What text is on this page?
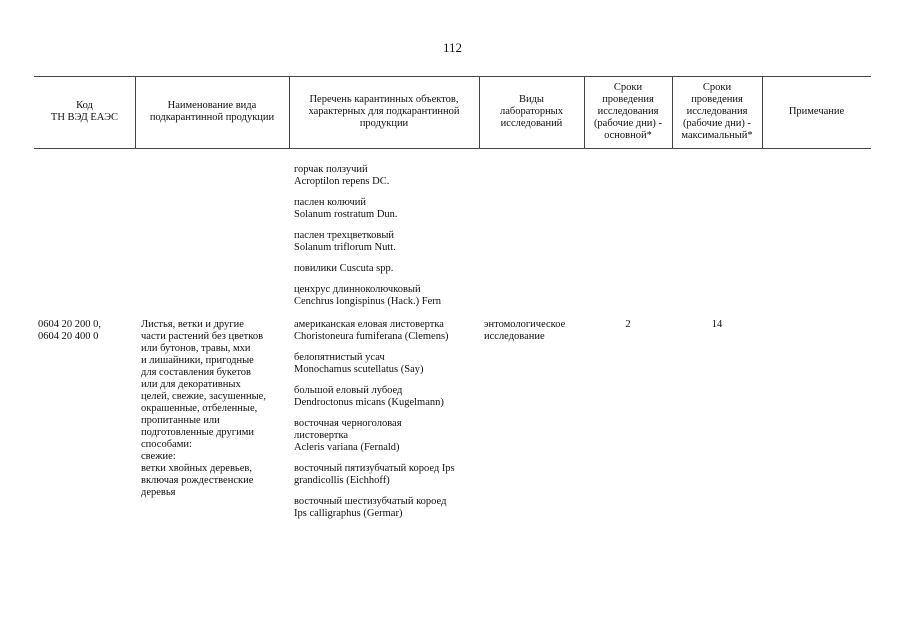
112
Код
ТН ВЭД ЕАЭС
Наименование вида
подкарантинной продукции
Перечень карантинных объектов,
характерных для подкарантинной
продукции
Виды
лабораторных
исследований
Сроки
проведения
исследования
(рабочие дни) -
основной*
Сроки
проведения
исследования
(рабочие дни) -
максимальный*
Примечание
горчак ползучий
Acroptilon repens DC.
паслен колючий
Solanum rostratum Dun.
паслен трехцветковый
Solanum triflorum Nutt.
повилики Cuscuta spp.
ценхрус длинноколючковый
Cenchrus longispinus (Hack.) Fern
0604 20 200 0,
0604 20 400 0
Листья, ветки и другие
части растений без цветков
или бутонов, травы, мхи
и лишайники, пригодные
для составления букетов
или для декоративных
целей, свежие, засушенные,
окрашенные, отбеленные,
пропитанные или
подготовленные другими
способами:
свежие:
ветки хвойных деревьев,
включая рождественские
деревья
американская еловая листовертка
Choristoneura fumiferana (Clemens)
белопятнистый усач
Monochamus scutellatus (Say)
большой еловый лубоед
Dendroctonus micans (Kugelmann)
восточная черноголовая
листовертка
Acleris variana (Fernald)
восточный пятизубчатый короед Ips
grandicollis (Eichhoff)
восточный шестизубчатый короед
Ips calligraphus (Germar)
энтомологическое
исследование
2	14
